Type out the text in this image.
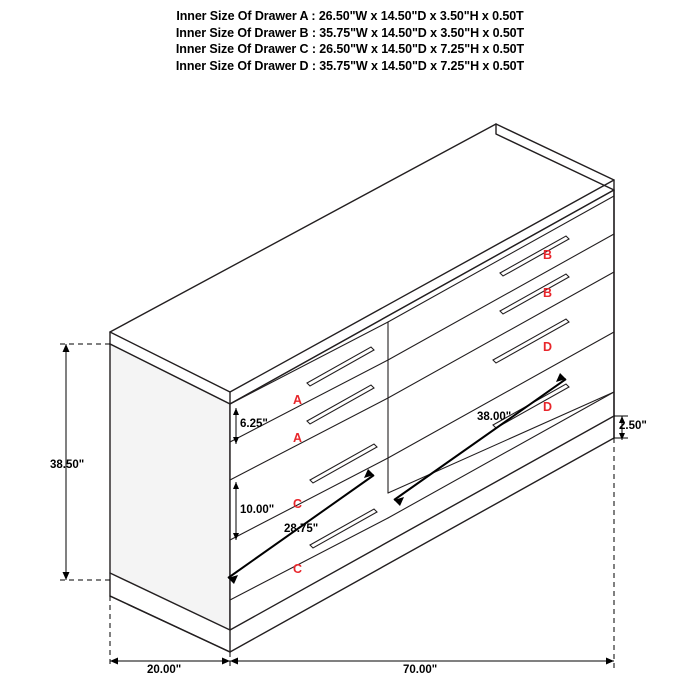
Inner Size Of Drawer A : 26.50"W x 14.50"D x 3.50"H x 0.50T
Inner Size Of Drawer B : 35.75"W x 14.50"D x 3.50"H x 0.50T
Inner Size Of Drawer C : 26.50"W x 14.50"D x 7.25"H x 0.50T
Inner Size Of Drawer D : 35.75"W x 14.50"D x 7.25"H x 0.50T
38.50"
20.00"	70.00"
6.25"
10.00"
2.50"
38.00"
28.75"
B
B
D
D
A
A
C
C
